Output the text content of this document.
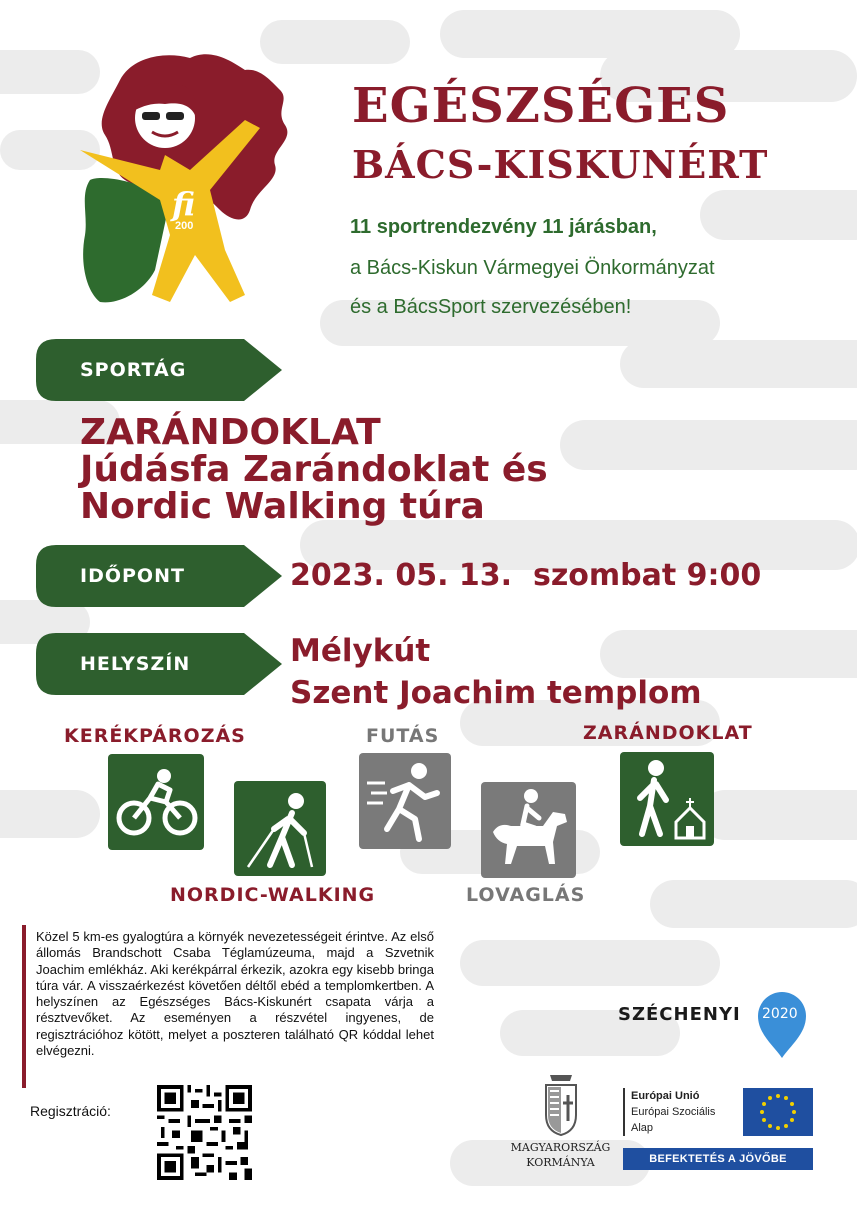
fi
200
EGÉSZSÉGES
BÁCS-KISKUNÉRT
11 sportrendezvény 11 járásban,
a Bács-Kiskun Vármegyei Önkormányzat
és a BácsSport szervezésében!
SPORTÁG
ZARÁNDOKLAT
Júdásfa Zarándoklat és
Nordic Walking túra
IDŐPONT	2023. 05. 13.  szombat 9:00
HELYSZÍN	Mélykút
Szent Joachim templom
KERÉKPÁROZÁS	FUTÁS	ZARÁNDOKLAT
NORDIC-WALKING	LOVAGLÁS
Közel 5 km-es gyalogtúra a környék nevezetességeit érintve. Az első állomás Brandschott Csaba Téglamúzeuma, majd a Szvetnik Joachim emlékház. Aki kerékpárral érkezik, azokra egy kisebb bringa túra vár. A visszaérkezést követően déltől ebéd a templomkertben. A helyszínen az Egészséges Bács-Kiskunért csapata várja a résztvevőket. Az eseményen a részvétel ingyenes, de regisztrációhoz kötött, melyet a poszteren található QR kóddal lehet elvégezni.
Regisztráció:
SZÉCHENYI 2020
MAGYARORSZÁG
KORMÁNYA
Európai Unió
Európai Szociális
Alap
BEFEKTETÉS A JÖVŐBE
